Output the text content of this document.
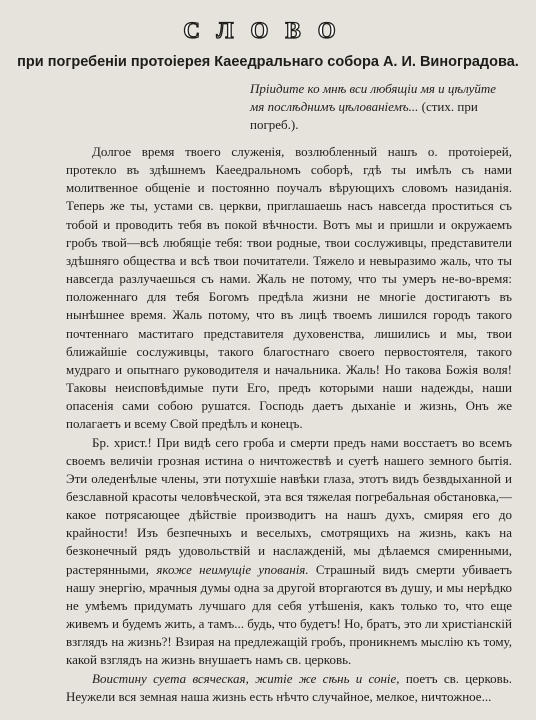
СЛОВО
при погребенiи протоiерея Каеедральнаго собора А. И. Виноградова.
Прiидите ко мнѣ вси любящiи мя и цѣлуйте мя послѣднимъ цѣлованiемъ... (стих. при погреб.).

Долгое время твоего служенiя, возлюбленный нашъ о. протоiерей, протекло въ здѣшнемъ Каеедральномъ соборѣ, гдѣ ты имѣлъ съ нами молитвенное общенiе и постоянно поучалъ вѣрующихъ словомъ назиданiя. Теперь же ты, устами св. церкви, приглашаешь насъ навсегда проститься съ тобой и проводить тебя въ покой вѣчности. Вотъ мы и пришли и окружаемъ гробъ твой—всѣ любящiе тебя: твои родные, твои сослуживцы, представители здѣшняго общества и всѣ твои почитатели. Тяжело и невыразимо жаль, что ты навсегда разлучаешься съ нами. Жаль не потому, что ты умеръ не-во-время: положеннаго для тебя Богомъ предѣла жизни не многiе достигаютъ въ нынѣшнее время. Жаль потому, что въ лицѣ твоемъ лишился городъ такого почтеннаго маститаго представителя духовенства, лишились и мы, твои ближайшiе сослуживцы, такого благостнаго своего первостоятеля, такого мудраго и опытнаго руководителя и начальника. Жаль! Но такова Божiя воля! Таковы неисповѣдимые пути Его, предъ которыми наши надежды, наши опасенiя сами собою рушатся. Господь даетъ дыханiе и жизнь, Онъ же полагаетъ и всему Свой предѣлъ и конецъ.

Бр. христ.! При видѣ сего гроба и смерти предъ нами восстаетъ во всемъ своемъ величiи грозная истина о ничтожествѣ и суетѣ нашего земного бытiя. Эти оледенѣлые члены, эти потухшiе навѣки глаза, этотъ видъ безвдыханной и безславной красоты человѣческой, эта вся тяжелая погребальная обстановка,—какое потрясающее дѣйствiе производитъ на нашъ духъ, смиряя его до крайности! Изъ безпечныхъ и веселыхъ, смотрящихъ на жизнь, какъ на безконечный рядъ удовольствiй и наслажденiй, мы дѣлаемся смиренными, растерянными, якоже неимущiе упованiя. Страшный видъ смерти убиваетъ нашу энергiю, мрачныя думы одна за другой вторгаются въ душу, и мы нерѣдко не умѣемъ придумать лучшаго для себя утѣшенiя, какъ только то, что еще живемъ и будемъ жить, а тамъ... будь, что будетъ! Но, братъ, это ли христiанскiй взглядъ на жизнь?! Взирая на предлежащiй гробъ, проникнемъ мыслiю къ тому, какой взглядъ на жизнь внушаетъ намъ св. церковь.

Воистину суета всяческая, житiе же сѣнь и сонiе, поетъ св. церковь. Неужели вся земная наша жизнь есть нѣчто случайное, мелкое, ничтожное...
